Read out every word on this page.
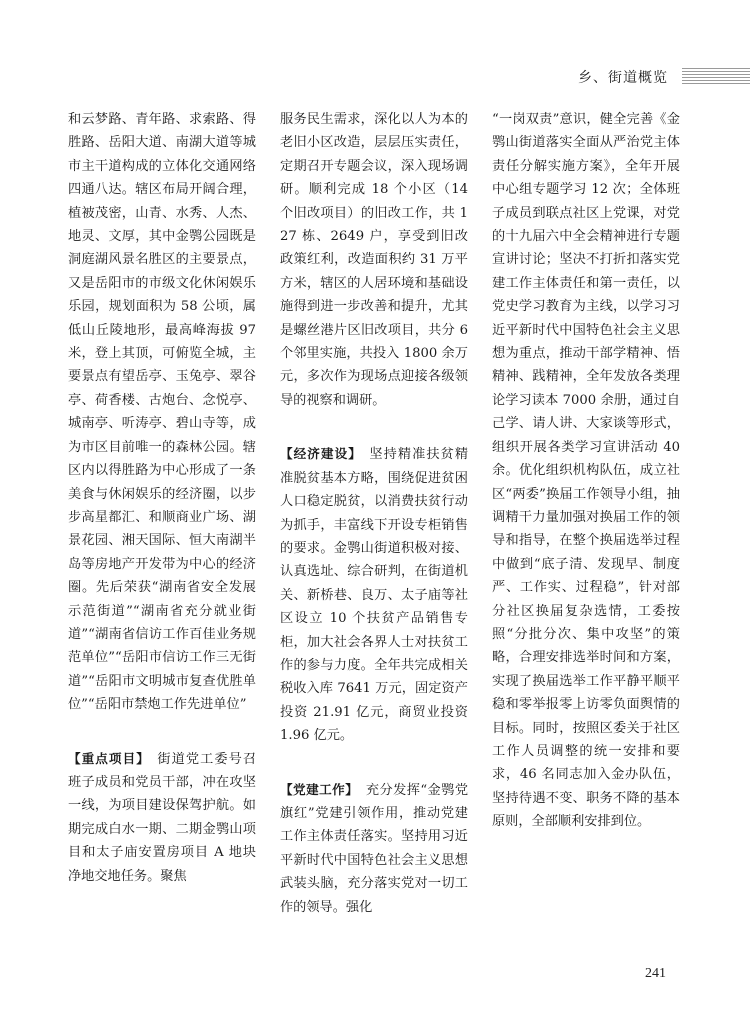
乡、街道概览

和云梦路、青年路、求索路、得胜路、岳阳大道、南湖大道等城市主干道构成的立体化交通网络四通八达。辖区布局开阔合理，植被茂密，山青、水秀、人杰、地灵、文厚，其中金鹗公园既是洞庭湖风景名胜区的主要景点，又是岳阳市的市级文化休闲娱乐乐园，规划面积为 58 公顷，属低山丘陵地形，最高峰海拔 97 米，登上其顶，可俯览全城，主要景点有望岳亭、玉兔亭、翠谷亭、荷香楼、古炮台、念悦亭、城南亭、听涛亭、碧山寺等，成为市区目前唯一的森林公园。辖区内以得胜路为中心形成了一条美食与休闲娱乐的经济圈，以步步高星都汇、和顺商业广场、湖景花园、湘天国际、恒大南湖半岛等房地产开发带为中心的经济圈。先后荣获“湖南省安全发展示范街道”“湖南省充分就业街道”“湖南省信访工作百佳业务规范单位”“岳阳市信访工作三无街道”“岳阳市文明城市复查优胜单位”“岳阳市禁炮工作先进单位”

【重点项目】 街道党工委号召班子成员和党员干部，冲在攻坚一线，为项目建设保驾护航。如期完成白水一期、二期金鹗山项目和太子庙安置房项目 A 地块净地交地任务。聚焦

服务民生需求，深化以人为本的老旧小区改造，层层压实责任，定期召开专题会议，深入现场调研。顺利完成 18 个小区（14 个旧改项目）的旧改工作，共 127 栋、2649 户，享受到旧改政策红利，改造面积约 31 万平方米，辖区的人居环境和基础设施得到进一步改善和提升，尤其是螺丝港片区旧改项目，共分 6 个邻里实施，共投入 1800 余万元，多次作为现场点迎接各级领导的视察和调研。

【经济建设】 坚持精准扶贫精准脱贫基本方略，围绕促进贫困人口稳定脱贫，以消费扶贫行动为抓手，丰富线下开设专柜销售的要求。金鹗山街道积极对接、认真选址、综合研判，在街道机关、新桥巷、良万、太子庙等社区设立 10 个扶贫产品销售专柜，加大社会各界人士对扶贫工作的参与力度。全年共完成相关税收入库 7641 万元，固定资产投资 21.91 亿元，商贸业投资 1.96 亿元。

【党建工作】 充分发挥“金鹗党旗红”党建引领作用，推动党建工作主体责任落实。坚持用习近平新时代中国特色社会主义思想武装头脑，充分落实党对一切工作的领导。强化

“一岗双责”意识，健全完善《金鹗山街道落实全面从严治党主体责任分解实施方案》，全年开展中心组专题学习 12 次；全体班子成员到联点社区上党课，对党的十九届六中全会精神进行专题宣讲讨论；坚决不打折扣落实党建工作主体责任和第一责任，以党史学习教育为主线，以学习习近平新时代中国特色社会主义思想为重点，推动干部学精神、悟精神、践精神，全年发放各类理论学习读本 7000 余册，通过自己学、请人讲、大家谈等形式，组织开展各类学习宣讲活动 40 余。优化组织机构队伍，成立社区“两委”换届工作领导小组，抽调精干力量加强对换届工作的领导和指导，在整个换届选举过程中做到“底子清、发现早、制度严、工作实、过程稳”，针对部分社区换届复杂选情，工委按照“分批分次、集中攻坚”的策略，合理安排选举时间和方案，实现了换届选举工作平静平顺平稳和零举报零上访零负面舆情的目标。同时，按照区委关于社区工作人员调整的统一安排和要求，46 名同志加入金办队伍，坚持待遇不变、职务不降的基本原则，全部顺利安排到位。

241
